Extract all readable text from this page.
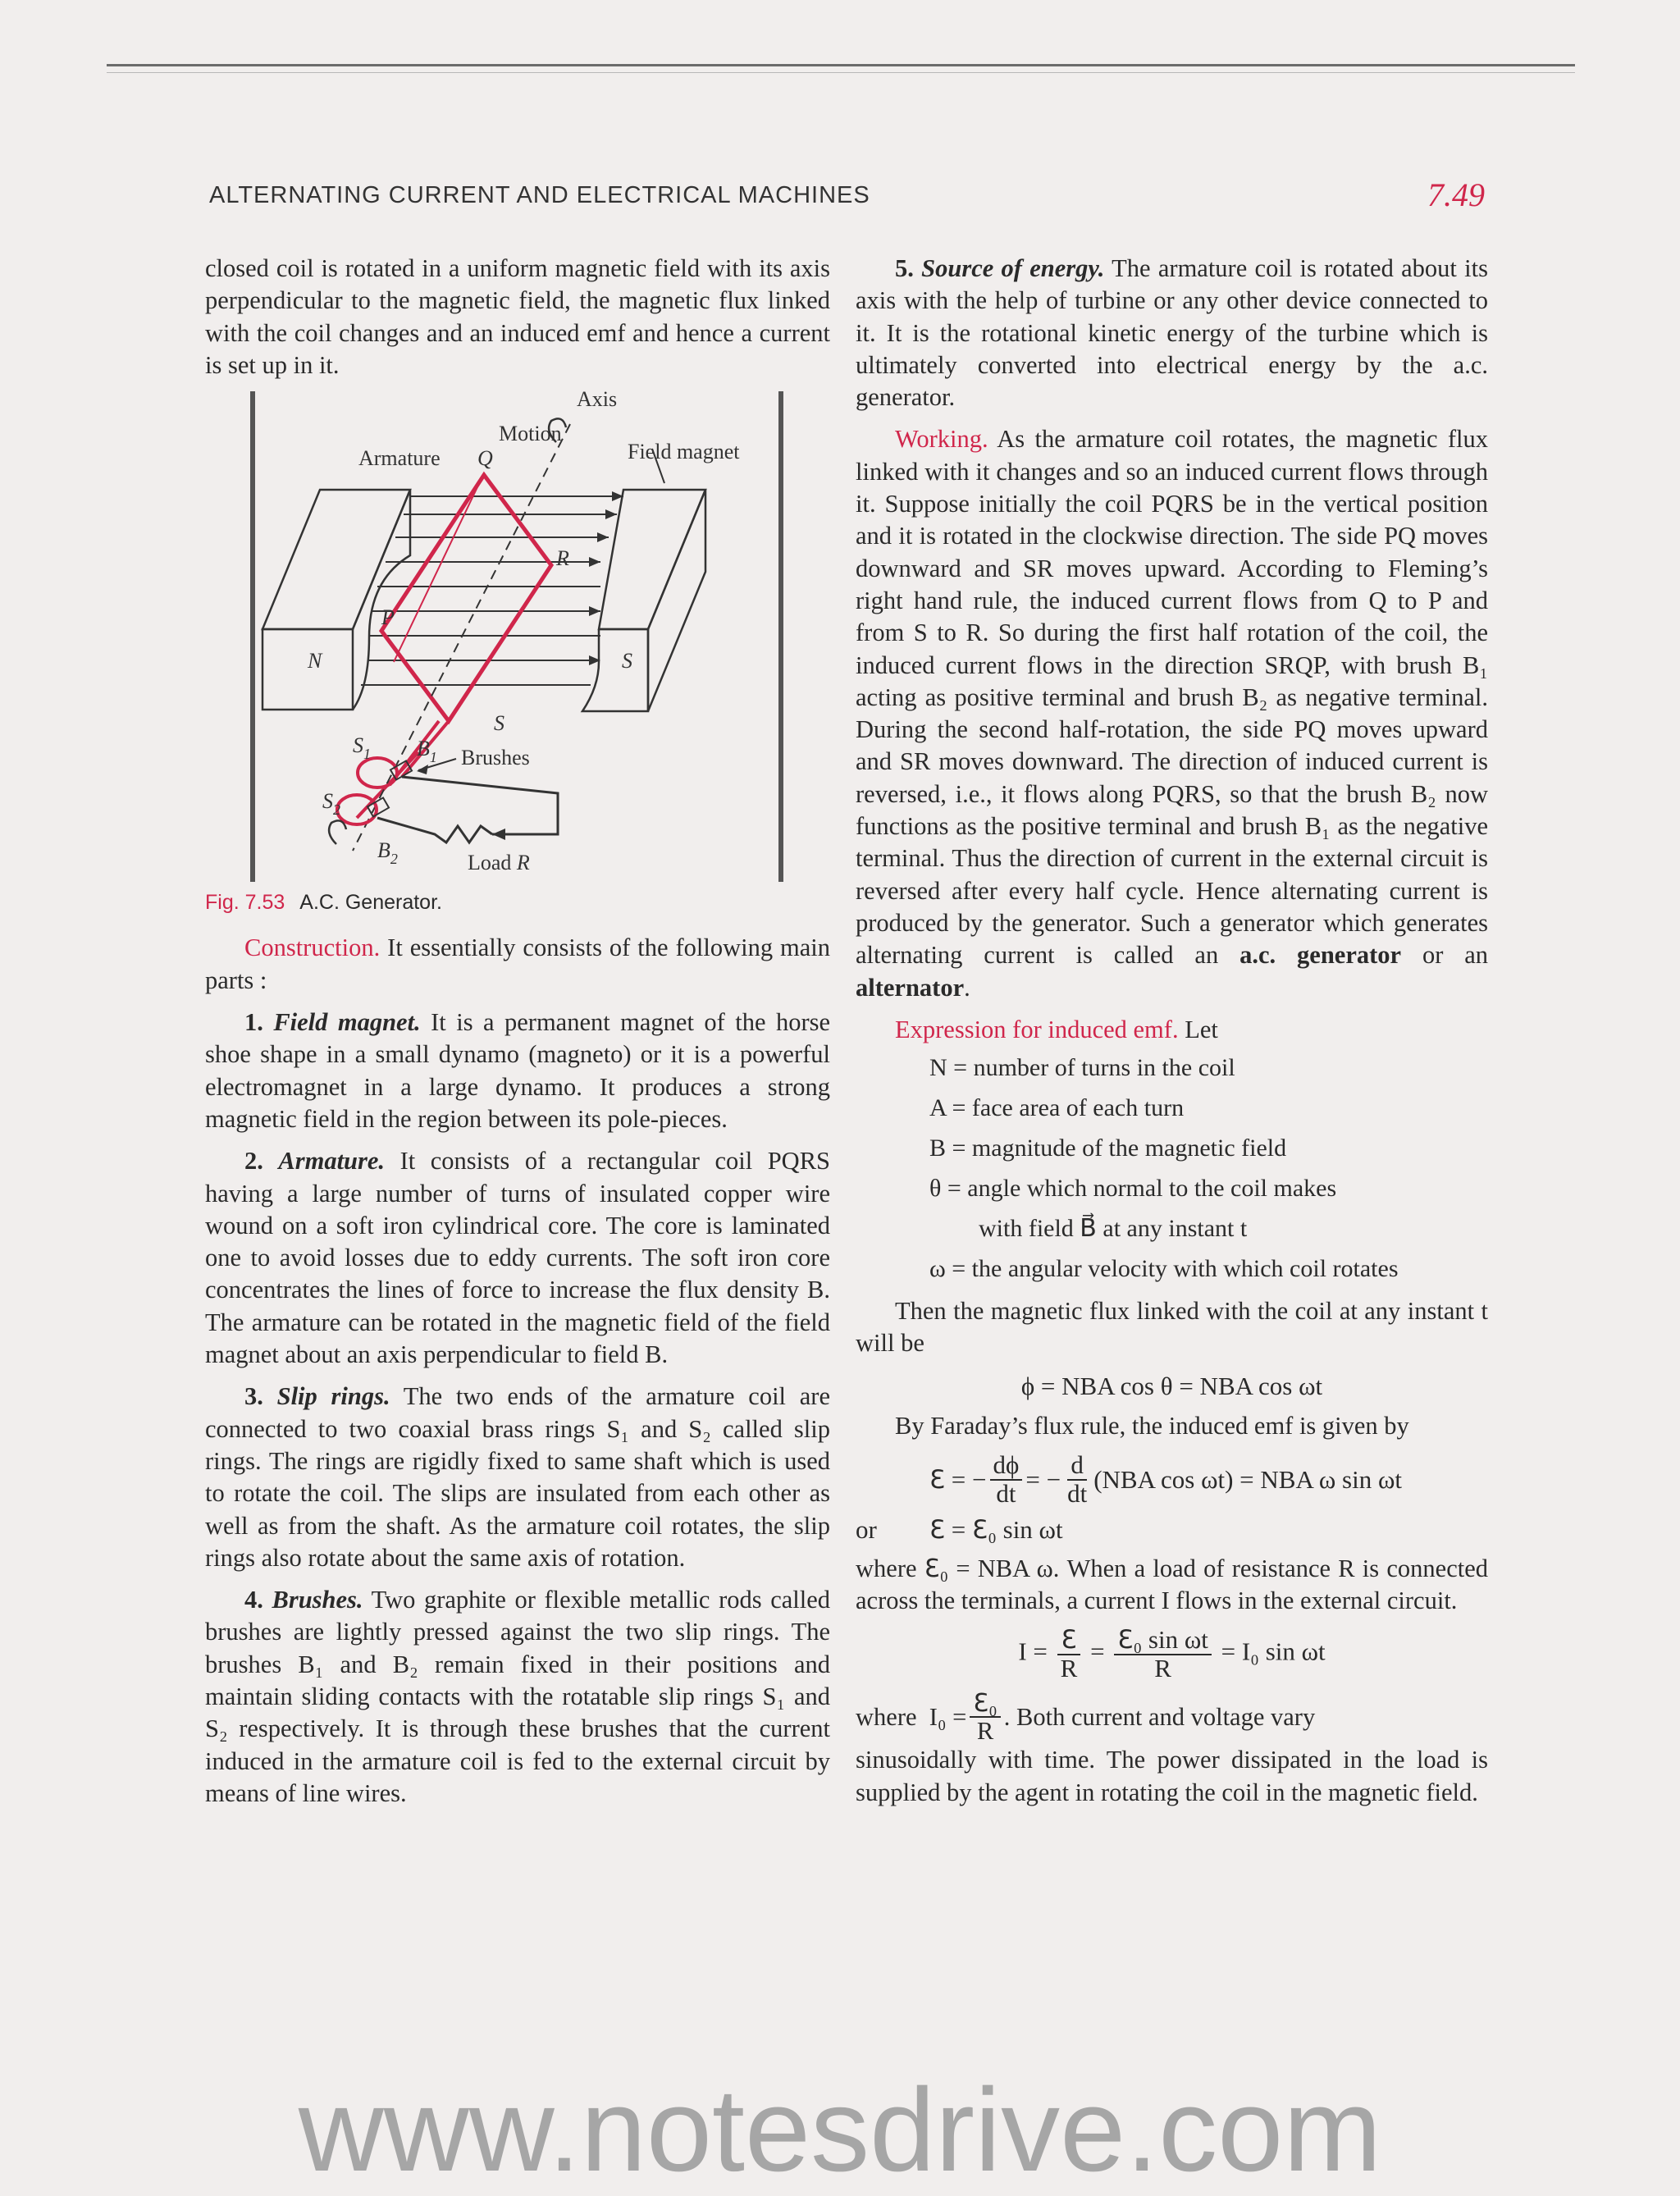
ALTERNATING CURRENT AND ELECTRICAL MACHINES	7.49

closed coil is rotated in a uniform magnetic field with its axis perpendicular to the magnetic field, the magnetic flux linked with the coil changes and an induced emf and hence a current is set up in it.

Axis
Motion
Armature	Field magnet
Q
R
P
S
N	S
$S_1$
$S_2$
$B_1$
$B_2$
Brushes
Load R
Fig. 7.53 A.C. Generator.

Construction. It essentially consists of the following main parts :

1. Field magnet. It is a permanent magnet of the horse shoe shape in a small dynamo (magneto) or it is a powerful electromagnet in a large dynamo. It produces a strong magnetic field in the region between its pole-pieces.

2. Armature. It consists of a rectangular coil PQRS having a large number of turns of insulated copper wire wound on a soft iron cylindrical core. The core is laminated one to avoid losses due to eddy currents. The soft iron core concentrates the lines of force to increase the flux density B. The armature can be rotated in the magnetic field of the field magnet about an axis perpendicular to field B.

3. Slip rings. The two ends of the armature coil are connected to two coaxial brass rings S₁ and S₂ called slip rings. The rings are rigidly fixed to same shaft which is used to rotate the coil. The slips are insulated from each other as well as from the shaft. As the armature coil rotates, the slip rings also rotate about the same axis of rotation.

4. Brushes. Two graphite or flexible metallic rods called brushes are lightly pressed against the two slip rings. The brushes B₁ and B₂ remain fixed in their positions and maintain sliding contacts with the rotatable slip rings S₁ and S₂ respectively. It is through these brushes that the current induced in the armature coil is fed to the external circuit by means of line wires.

5. Source of energy. The armature coil is rotated about its axis with the help of turbine or any other device connected to it. It is the rotational kinetic energy of the turbine which is ultimately converted into electrical energy by the a.c. generator.

Working. As the armature coil rotates, the magnetic flux linked with it changes and so an induced current flows through it. Suppose initially the coil PQRS be in the vertical position and it is rotated in the clockwise direction. The side PQ moves downward and SR moves upward. According to Fleming’s right hand rule, the induced current flows from Q to P and from S to R. So during the first half rotation of the coil, the induced current flows in the direction SRQP, with brush B₁ acting as positive terminal and brush B₂ as negative terminal. During the second half-rotation, the side PQ moves upward and SR moves downward. The direction of induced current is reversed, i.e., it flows along PQRS, so that the brush B₂ now functions as the positive terminal and brush B₁ as the negative terminal. Thus the direction of current in the external circuit is reversed after every half cycle. Hence alternating current is produced by the generator. Such a generator which generates alternating current is called an a.c. generator or an alternator.

Expression for induced emf. Let

N = number of turns in the coil
A = face area of each turn
B = magnitude of the magnetic field
θ = angle which normal to the coil makes
with field B⃗ at any instant t
ω = the angular velocity with which coil rotates

Then the magnetic flux linked with the coil at any instant t will be

ϕ = NBA cos θ = NBA cos ωt

By Faraday’s flux rule, the induced emf is given by

ℇ = − $\frac{d\phi}{dt}$ = − $\frac{d}{dt} (NBA$ cos ωt) = NBA ω sin ωt
or	ℇ = ℇ₀ sin ωt

where ℇ₀ = NBA ω. When a load of resistance R is connected across the terminals, a current I flows in the external circuit.

$I = \frac{\text{ℇ}}{R} = \frac{\text{ℇ₀ sin ωt}}{R} = I_0$ sin ωt
where
$I_0 = \frac{\text{ℇ₀}}{R}$ . Both current and voltage vary

sinusoidally with time. The power dissipated in the load is supplied by the agent in rotating the coil in the magnetic field.

www.notesdrive.com
